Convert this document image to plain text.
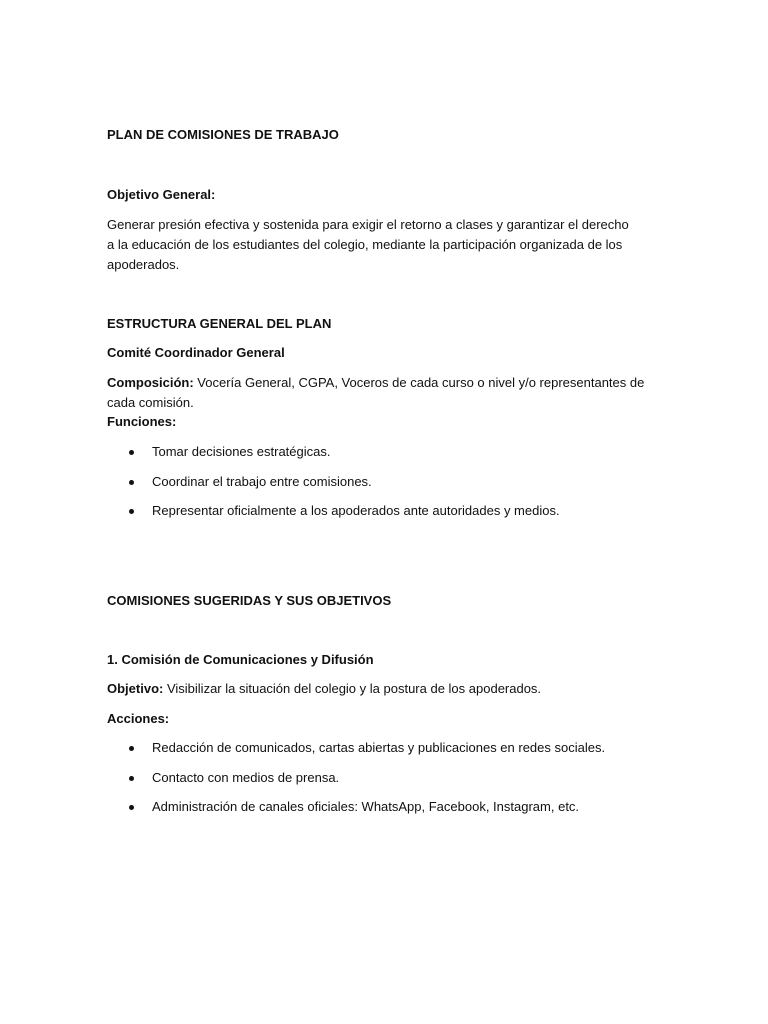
PLAN DE COMISIONES DE TRABAJO
Objetivo General:
Generar presión efectiva y sostenida para exigir el retorno a clases y garantizar el derecho
a la educación de los estudiantes del colegio, mediante la participación organizada de los
apoderados.
ESTRUCTURA GENERAL DEL PLAN
Comité Coordinador General
Composición: Vocería General, CGPA, Voceros de cada curso o nivel y/o representantes de
cada comisión.
Funciones:
Tomar decisiones estratégicas.
Coordinar el trabajo entre comisiones.
Representar oficialmente a los apoderados ante autoridades y medios.
COMISIONES SUGERIDAS Y SUS OBJETIVOS
1. Comisión de Comunicaciones y Difusión
Objetivo: Visibilizar la situación del colegio y la postura de los apoderados.
Acciones:
Redacción de comunicados, cartas abiertas y publicaciones en redes sociales.
Contacto con medios de prensa.
Administración de canales oficiales: WhatsApp, Facebook, Instagram, etc.
